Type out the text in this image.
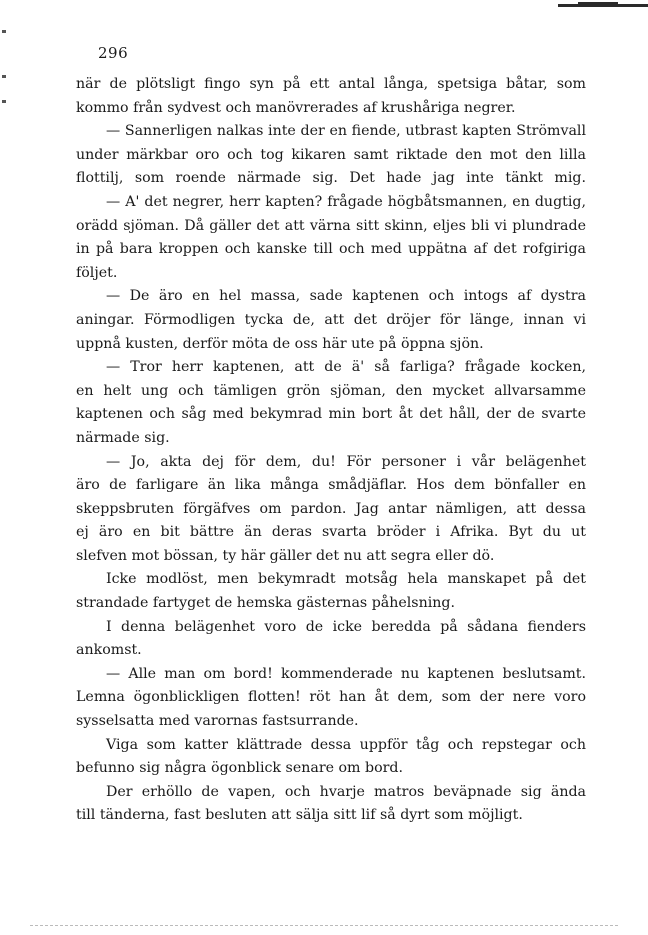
296
när de plötsligt fingo syn på ett antal långa, spetsiga båtar, som
kommo från sydvest och manövrerades af krushåriga negrer.
— Sannerligen nalkas inte der en fiende, utbrast kapten Strömvall
under märkbar oro och tog kikaren samt riktade den mot den lilla
flottilj, som roende närmade sig. Det hade jag inte tänkt mig.
— A' det negrer, herr kapten? frågade högbåtsmannen, en dugtig,
orädd sjöman. Då gäller det att värna sitt skinn, eljes bli vi plundrade
in på bara kroppen och kanske till och med uppätna af det rofgiriga
följet.
— De äro en hel massa, sade kaptenen och intogs af dystra
aningar. Förmodligen tycka de, att det dröjer för länge, innan vi
uppnå kusten, derför möta de oss här ute på öppna sjön.
— Tror herr kaptenen, att de ä' så farliga? frågade kocken,
en helt ung och tämligen grön sjöman, den mycket allvarsamme
kaptenen och såg med bekymrad min bort åt det håll, der de svarte
närmade sig.
— Jo, akta dej för dem, du! För personer i vår belägenhet
äro de farligare än lika många smådjäflar. Hos dem bönfaller en
skeppsbruten förgäfves om pardon. Jag antar nämligen, att dessa
ej äro en bit bättre än deras svarta bröder i Afrika. Byt du ut
slefven mot bössan, ty här gäller det nu att segra eller dö.
Icke modlöst, men bekymradt motsåg hela manskapet på det
strandade fartyget de hemska gästernas påhelsning.
I denna belägenhet voro de icke beredda på sådana fienders
ankomst.
— Alle man om bord! kommenderade nu kaptenen beslutsamt.
Lemna ögonblickligen flotten! röt han åt dem, som der nere voro
sysselsatta med varornas fastsurrande.
Viga som katter klättrade dessa uppför tåg och repstegar och
befunno sig några ögonblick senare om bord.
Der erhöllo de vapen, och hvarje matros beväpnade sig ända
till tänderna, fast besluten att sälja sitt lif så dyrt som möjligt.
